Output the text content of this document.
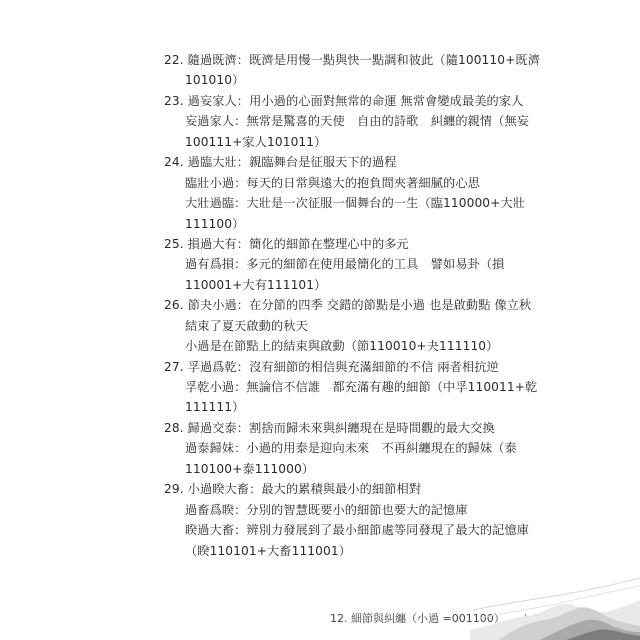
22. 隨過既濟：既濟是用慢一點與快一點調和彼此（隨100110+既濟
101010）
23. 過妄家人：用小過的心面對無常的命運 無常會變成最美的家人
妄過家人：無常是驚喜的天使　自由的詩歌　糾纏的親情（無妄
100111+家人101011）
24. 過臨大壯：親臨舞台是征服天下的過程
臨壯小過：每天的日常與遠大的抱負間夾著細膩的心思
大壯過臨：大壯是一次征服一個舞台的一生（臨110000+大壯
111100）
25. 損過大有：簡化的細節在整理心中的多元
過有爲損：多元的細節在使用最簡化的工具　譬如易卦（損
110001+大有111101）
26. 節夬小過：在分節的四季 交錯的節點是小過 也是啟動點 像立秋
結束了夏天啟動的秋天
小過是在節點上的結束與啟動（節110010+夬111110）
27. 孚過爲乾：沒有細節的相信與充滿細節的不信 兩者相抗逆
孚乾小過：無論信不信誰　都充滿有趣的細節（中孚110011+乾
111111）
28. 歸過交泰：割捨而歸未來與糾纏現在是時間觀的最大交換
過泰歸妹：小過的用泰是迎向未來　不再糾纏現在的歸妹（泰
110100+泰111000）
29. 小過睽大畜：最大的累積與最小的細節相對
過畜爲睽：分別的智慧既要小的細節也要大的記憶庫
睽過大畜：辨別力發展到了最小細節處等同發現了最大的記憶庫
（睽110101+大畜111001）
12. 細節與糾纏（小過 =001100）
